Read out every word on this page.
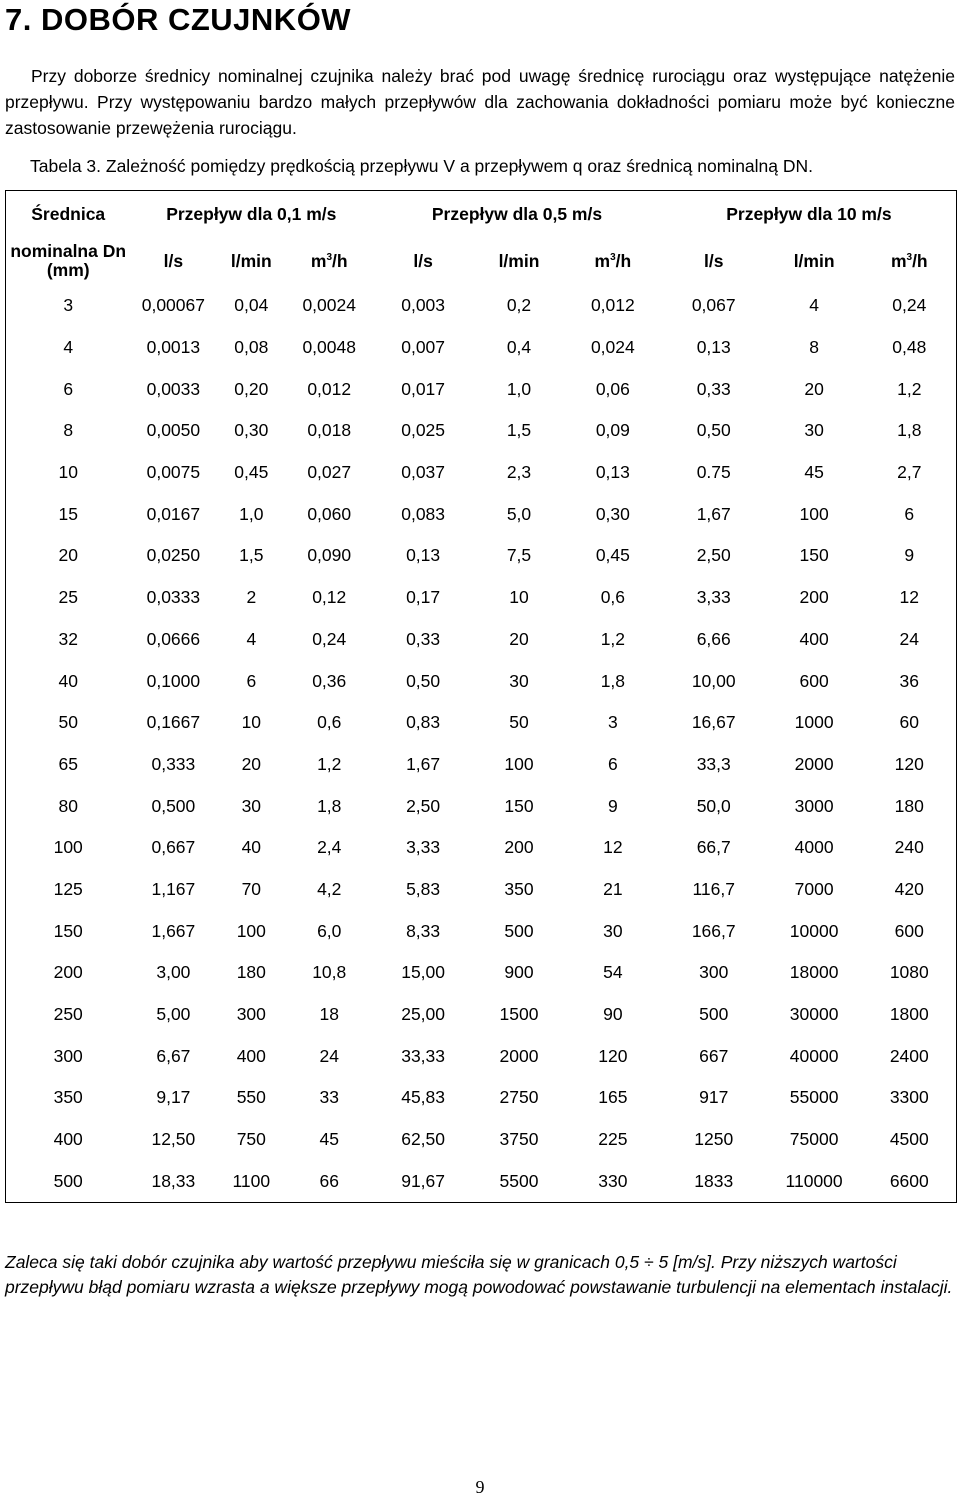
7. DOBÓR CZUJNKÓW

Przy doborze średnicy nominalnej czujnika należy brać pod uwagę średnicę rurociągu oraz występujące natężenie przepływu. Przy występowaniu bardzo małych przepływów dla zachowania dokładności pomiaru może być konieczne zastosowanie przewężenia rurociągu.

Tabela 3. Zależność pomiędzy prędkością przepływu V a przepływem q oraz średnicą nominalną DN.

Średnica	Przepływ dla 0,1 m/s			Przepływ dla 0,5 m/s			Przepływ dla 10 m/s		
nominalna Dn (mm)	l/s	l/min	$m^3/h$	l/s	l/min	$m^3/h$	l/s	l/min	$m^3/h$
3	0,00067	0,04	0,0024	0,003	0,2	0,012	0,067	4	0,24
4	0,0013	0,08	0,0048	0,007	0,4	0,024	0,13	8	0,48
6	0,0033	0,20	0,012	0,017	1,0	0,06	0,33	20	1,2
8	0,0050	0,30	0,018	0,025	1,5	0,09	0,50	30	1,8
10	0,0075	0,45	0,027	0,037	2,3	0,13	0.75	45	2,7
15	0,0167	1,0	0,060	0,083	5,0	0,30	1,67	100	6
20	0,0250	1,5	0,090	0,13	7,5	0,45	2,50	150	9
25	0,0333	2	0,12	0,17	10	0,6	3,33	200	12
32	0,0666	4	0,24	0,33	20	1,2	6,66	400	24
40	0,1000	6	0,36	0,50	30	1,8	10,00	600	36
50	0,1667	10	0,6	0,83	50	3	16,67	1000	60
65	0,333	20	1,2	1,67	100	6	33,3	2000	120
80	0,500	30	1,8	2,50	150	9	50,0	3000	180
100	0,667	40	2,4	3,33	200	12	66,7	4000	240
125	1,167	70	4,2	5,83	350	21	116,7	7000	420
150	1,667	100	6,0	8,33	500	30	166,7	10000	600
200	3,00	180	10,8	15,00	900	54	300	18000	1080
250	5,00	300	18	25,00	1500	90	500	30000	1800
300	6,67	400	24	33,33	2000	120	667	40000	2400
350	9,17	550	33	45,83	2750	165	917	55000	3300
400	12,50	750	45	62,50	3750	225	1250	75000	4500
500	18,33	1100	66	91,67	5500	330	1833	110000	6600

Zaleca się taki dobór czujnika aby wartość przepływu mieściła się w granicach 0,5 ÷ 5 [m/s]. Przy niższych wartości przepływu błąd pomiaru wzrasta a większe przepływy mogą powodować powstawanie turbulencji na elementach instalacji.

9
